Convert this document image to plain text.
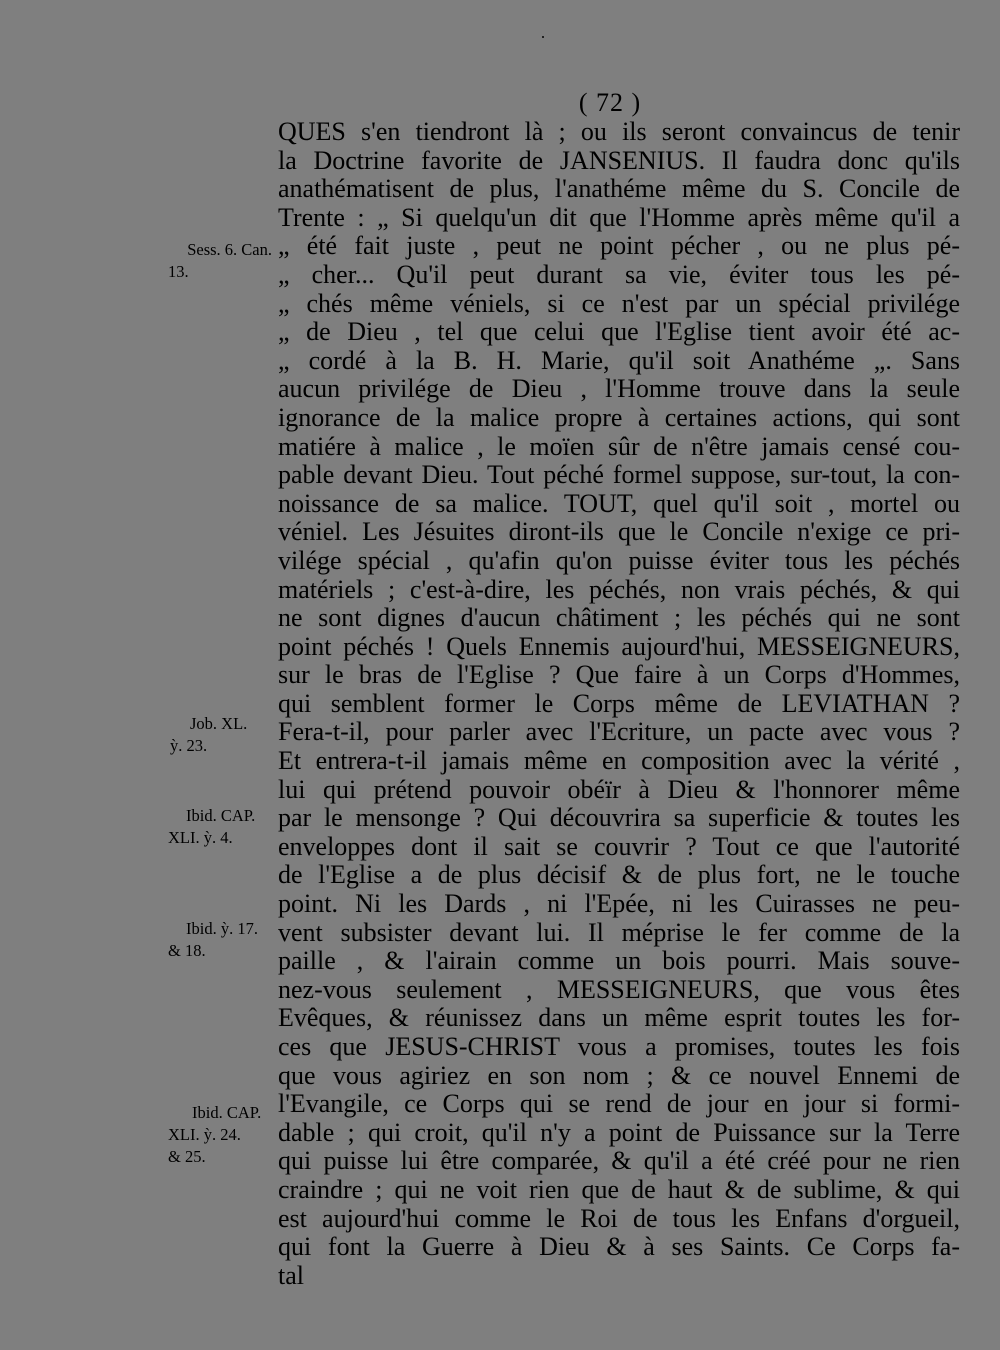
( 72 )
QUES s'en tiendront là ; ou ils seront convaincus de tenir
la Doctrine favorite de JANSENIUS. Il faudra donc qu'ils
anathématisent de plus, l'anathéme même du S. Concile de
Trente : „ Si quelqu'un dit que l'Homme après même qu'il a
„ été fait juste , peut ne point pécher , ou ne plus pé-
„ cher... Qu'il peut durant sa vie, éviter tous les pé-
„ chés même véniels, si ce n'est par un spécial privilége
„ de Dieu , tel que celui que l'Eglise tient avoir été ac-
„ cordé à la B. H. Marie, qu'il soit Anathéme „. Sans
aucun privilége de Dieu , l'Homme trouve dans la seule
ignorance de la malice propre à certaines actions, qui sont
matiére à malice , le moïen sûr de n'être jamais censé cou-
pable devant Dieu. Tout péché formel suppose, sur-tout, la con-
noissance de sa malice. TOUT, quel qu'il soit , mortel ou
véniel. Les Jésuites diront-ils que le Concile n'exige ce pri-
vilége spécial , qu'afin qu'on puisse éviter tous les péchés
matériels ; c'est-à-dire, les péchés, non vrais péchés, & qui
ne sont dignes d'aucun châtiment ; les péchés qui ne sont
point péchés ! Quels Ennemis aujourd'hui, MESSEIGNEURS,
sur le bras de l'Eglise ? Que faire à un Corps d'Hommes,
qui semblent former le Corps même de LEVIATHAN ?
Fera-t-il, pour parler avec l'Ecriture, un pacte avec vous ?
Et entrera-t-il jamais même en composition avec la vérité ,
lui qui prétend pouvoir obéïr à Dieu & l'honnorer même
par le mensonge ? Qui découvrira sa superficie & toutes les
enveloppes dont il sait se couvrir ? Tout ce que l'autorité
de l'Eglise a de plus décisif & de plus fort, ne le touche
point. Ni les Dards , ni l'Epée, ni les Cuirasses ne peu-
vent subsister devant lui. Il méprise le fer comme de la
paille , & l'airain comme un bois pourri. Mais souve-
nez-vous seulement , MESSEIGNEURS, que vous êtes
Evêques, & réunissez dans un même esprit toutes les for-
ces que JESUS-CHRIST vous a promises, toutes les fois
que vous agiriez en son nom ; & ce nouvel Ennemi de
l'Evangile, ce Corps qui se rend de jour en jour si formi-
dable ; qui croit, qu'il n'y a point de Puissance sur la Terre
qui puisse lui être comparée, & qu'il a été créé pour ne rien
craindre ; qui ne voit rien que de haut & de sublime, & qui
est aujourd'hui comme le Roi de tous les Enfans d'orgueil,
qui font la Guerre à Dieu & à ses Saints. Ce Corps fa-
tal
Sess. 6. Can.
13.
Job. XL.
ỳ. 23.
Ibid. CAP.
XLI. ỳ. 4.
Ibid. ỳ. 17.
& 18.
Ibid. CAP.
XLI. ỳ. 24.
& 25.
